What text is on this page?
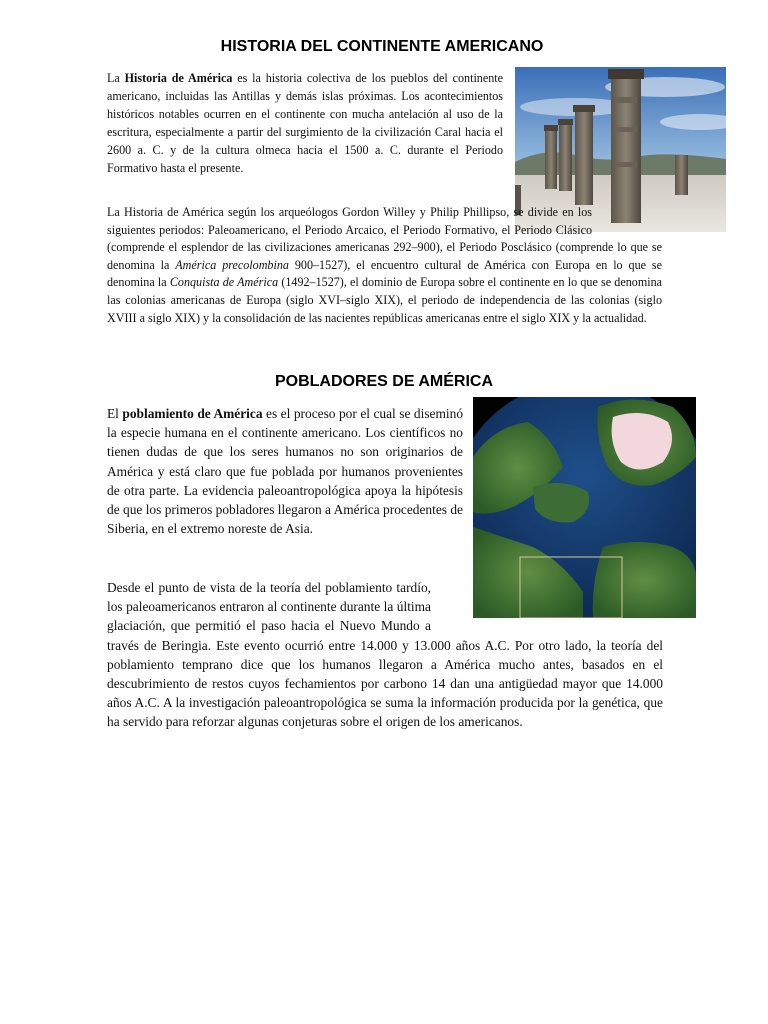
HISTORIA DEL CONTINENTE AMERICANO

La Historia de América es la historia colectiva de los pueblos del continente americano, incluidas las Antillas y demás islas próximas. Los acontecimientos históricos notables ocurren en el continente con mucha antelación al uso de la escritura, especialmente a partir del surgimiento de la civilización Caral hacia el 2600 a. C. y de la cultura olmeca hacia el 1500 a. C. durante el Periodo Formativo hasta el presente.

La Historia de América según los arqueólogos Gordon Willey y Philip Phillipso, se divide en los siguientes periodos: Paleoamericano, el Periodo Arcaico, el Periodo Formativo, el Periodo Clásico (comprende el esplendor de las civilizaciones americanas 292–900), el Periodo Posclásico (comprende lo que se denomina la América precolombina 900–1527), el encuentro cultural de América con Europa en lo que se denomina la Conquista de América (1492–1527), el dominio de Europa sobre el continente en lo que se denomina las colonias americanas de Europa (siglo XVI–siglo XIX), el periodo de independencia de las colonias (siglo XVIII a siglo XIX) y la consolidación de las nacientes repúblicas americanas entre el siglo XIX y la actualidad.

POBLADORES DE AMÉRICA

El poblamiento de América es el proceso por el cual se diseminó la especie humana en el continente americano. Los científicos no tienen dudas de que los seres humanos no son originarios de América y está claro que fue poblada por humanos provenientes de otra parte. La evidencia paleoantropológica apoya la hipótesis de que los primeros pobladores llegaron a América procedentes de Siberia, en el extremo noreste de Asia.

Desde el punto de vista de la teoría del poblamiento tardío, los paleoamericanos entraron al continente durante la última glaciación, que permitió el paso hacia el Nuevo Mundo a través de Beringia. Este evento ocurrió entre 14.000 y 13.000 años A.C. Por otro lado, la teoría del poblamiento temprano dice que los humanos llegaron a América mucho antes, basados en el descubrimiento de restos cuyos fechamientos por carbono 14 dan una antigüedad mayor que 14.000 años A.C. A la investigación paleoantropológica se suma la información producida por la genética, que ha servido para reforzar algunas conjeturas sobre el origen de los americanos.
